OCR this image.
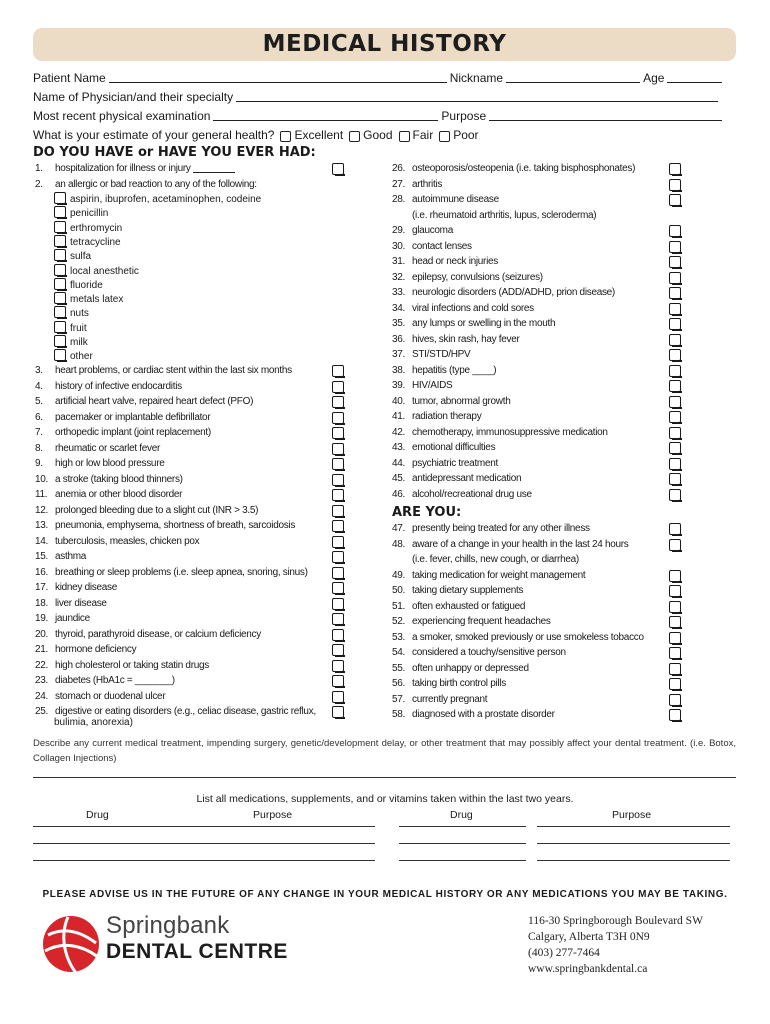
MEDICAL HISTORY
Patient Name	Nickname	Age
Name of Physician/and their specialty
Most recent physical examination	Purpose
What is your estimate of your general health? Excellent Good Fair Poor
DO YOU HAVE or HAVE YOU EVER HAD:
1.	hospitalization for illness or injury
2.	an allergic or bad reaction to any of the following:
3.	heart problems, or cardiac stent within the last six months
4.	history of infective endocarditis
5.	artificial heart valve, repaired heart defect (PFO)
6.	pacemaker or implantable defibrillator
7.	orthopedic implant (joint replacement)
8.	rheumatic or scarlet fever
9.	high or low blood pressure
10. a stroke (taking blood thinners)
11. anemia or other blood disorder
12. prolonged bleeding due to a slight cut (INR > 3.5)
13. pneumonia, emphysema, shortness of breath, sarcoidosis
14. tuberculosis, measles, chicken pox
15. asthma
16. breathing or sleep problems (i.e. sleep apnea, snoring, sinus)
17. kidney disease
18. liver disease
19. jaundice
20. thyroid, parathyroid disease, or calcium deficiency
21. hormone deficiency
22. high cholesterol or taking statin drugs
23. diabetes (HbA1c = _______)
24. stomach or duodenal ulcer
25. digestive or eating disorders (e.g., celiac disease, gastric reflux,
aspirin, ibuprofen, acetaminophen, codeine
penicillin
erthromycin
tetracycline
sulfa
local anesthetic
fluoride
metals latex
nuts
fruit
milk
other
bulimia, anorexia)
26. osteoporosis/osteopenia (i.e. taking bisphosphonates)
27. arthritis
28. autoimmune disease
(i.e. rheumatoid arthritis, lupus, scleroderma)
29. glaucoma
30. contact lenses
31. head or neck injuries
32. epilepsy, convulsions (seizures)
33. neurologic disorders (ADD/ADHD, prion disease)
34. viral infections and cold sores
35. any lumps or swelling in the mouth
36. hives, skin rash, hay fever
37. STI/STD/HPV
38. hepatitis (type ____)
39. HIV/AIDS
40. tumor, abnormal growth
41. radiation therapy
42. chemotherapy, immunosuppressive medication
43. emotional difficulties
44. psychiatric treatment
45. antidepressant medication
46. alcohol/recreational drug use
47. presently being treated for any other illness
48. aware of a change in your health in the last 24 hours
(i.e. fever, chills, new cough, or diarrhea)
49. taking medication for weight management
50. taking dietary supplements
51. often exhausted or fatigued
52. experiencing frequent headaches
53. a smoker, smoked previously or use smokeless tobacco
54. considered a touchy/sensitive person
55. often unhappy or depressed
56. taking birth control pills
57. currently pregnant
58. diagnosed with a prostate disorder
ARE YOU:
Describe any current medical treatment, impending surgery, genetic/development delay, or other treatment that may possibly affect your dental treatment. (i.e. Botox, Collagen Injections)
List all medications, supplements, and or vitamins taken within the last two years.
Drug	Purpose	Drug	Purpose
PLEASE ADVISE US IN THE FUTURE OF ANY CHANGE IN YOUR MEDICAL HISTORY OR ANY MEDICATIONS YOU MAY BE TAKING.
Springbank
DENTAL CENTRE
116-30 Springborough Boulevard SW
Calgary, Alberta T3H 0N9
(403) 277-7464
www.springbankdental.ca
